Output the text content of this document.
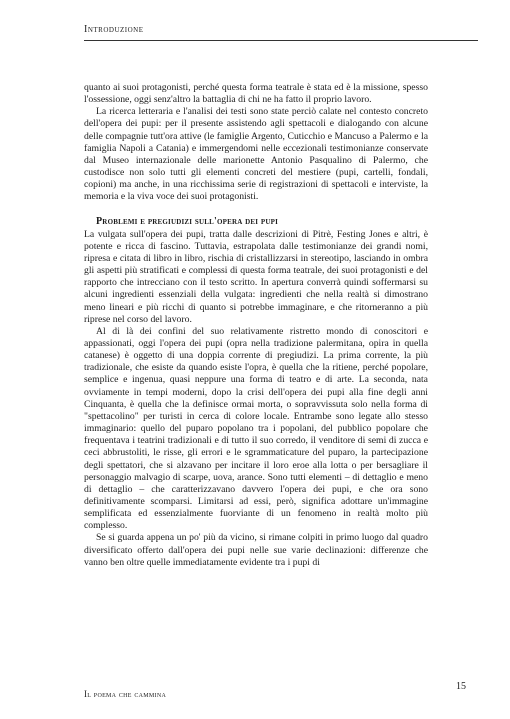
Introduzione

quanto ai suoi protagonisti, perché questa forma teatrale è stata ed è la missione, spesso l'ossessione, oggi senz'altro la battaglia di chi ne ha fatto il proprio lavoro.

La ricerca letteraria e l'analisi dei testi sono state perciò calate nel contesto concreto dell'opera dei pupi: per il presente assistendo agli spettacoli e dialogando con alcune delle compagnie tutt'ora attive (le famiglie Argento, Cuticchio e Mancuso a Palermo e la famiglia Napoli a Catania) e immergendomi nelle eccezionali testimonianze conservate dal Museo internazionale delle marionette Antonio Pasqualino di Palermo, che custodisce non solo tutti gli elementi concreti del mestiere (pupi, cartelli, fondali, copioni) ma anche, in una ricchissima serie di registrazioni di spettacoli e interviste, la memoria e la viva voce dei suoi protagonisti.

Problemi e pregiudizi sull'opera dei pupi

La vulgata sull'opera dei pupi, tratta dalle descrizioni di Pitrè, Festing Jones e altri, è potente e ricca di fascino. Tuttavia, estrapolata dalle testimonianze dei grandi nomi, ripresa e citata di libro in libro, rischia di cristallizzarsi in stereotipo, lasciando in ombra gli aspetti più stratificati e complessi di questa forma teatrale, dei suoi protagonisti e del rapporto che intrecciano con il testo scritto. In apertura converrà quindi soffermarsi su alcuni ingredienti essenziali della vulgata: ingredienti che nella realtà si dimostrano meno lineari e più ricchi di quanto si potrebbe immaginare, e che ritorneranno a più riprese nel corso del lavoro.

Al di là dei confini del suo relativamente ristretto mondo di conoscitori e appassionati, oggi l'opera dei pupi (opra nella tradizione palermitana, opira in quella catanese) è oggetto di una doppia corrente di pregiudizi. La prima corrente, la più tradizionale, che esiste da quando esiste l'opra, è quella che la ritiene, perché popolare, semplice e ingenua, quasi neppure una forma di teatro e di arte. La seconda, nata ovviamente in tempi moderni, dopo la crisi dell'opera dei pupi alla fine degli anni Cinquanta, è quella che la definisce ormai morta, o sopravvissuta solo nella forma di "spettacolino" per turisti in cerca di colore locale. Entrambe sono legate allo stesso immaginario: quello del puparo popolano tra i popolani, del pubblico popolare che frequentava i teatrini tradizionali e di tutto il suo corredo, il venditore di semi di zucca e ceci abbrustoliti, le risse, gli errori e le sgrammaticature del puparo, la partecipazione degli spettatori, che si alzavano per incitare il loro eroe alla lotta o per bersagliare il personaggio malvagio di scarpe, uova, arance. Sono tutti elementi – di dettaglio e meno di dettaglio – che caratterizzavano davvero l'opera dei pupi, e che ora sono definitivamente scomparsi. Limitarsi ad essi, però, significa adottare un'immagine semplificata ed essenzialmente fuorviante di un fenomeno in realtà molto più complesso.

Se si guarda appena un po' più da vicino, si rimane colpiti in primo luogo dal quadro diversificato offerto dall'opera dei pupi nelle sue varie declinazioni: differenze che vanno ben oltre quelle immediatamente evidente tra i pupi di

Il poema che cammina
15
